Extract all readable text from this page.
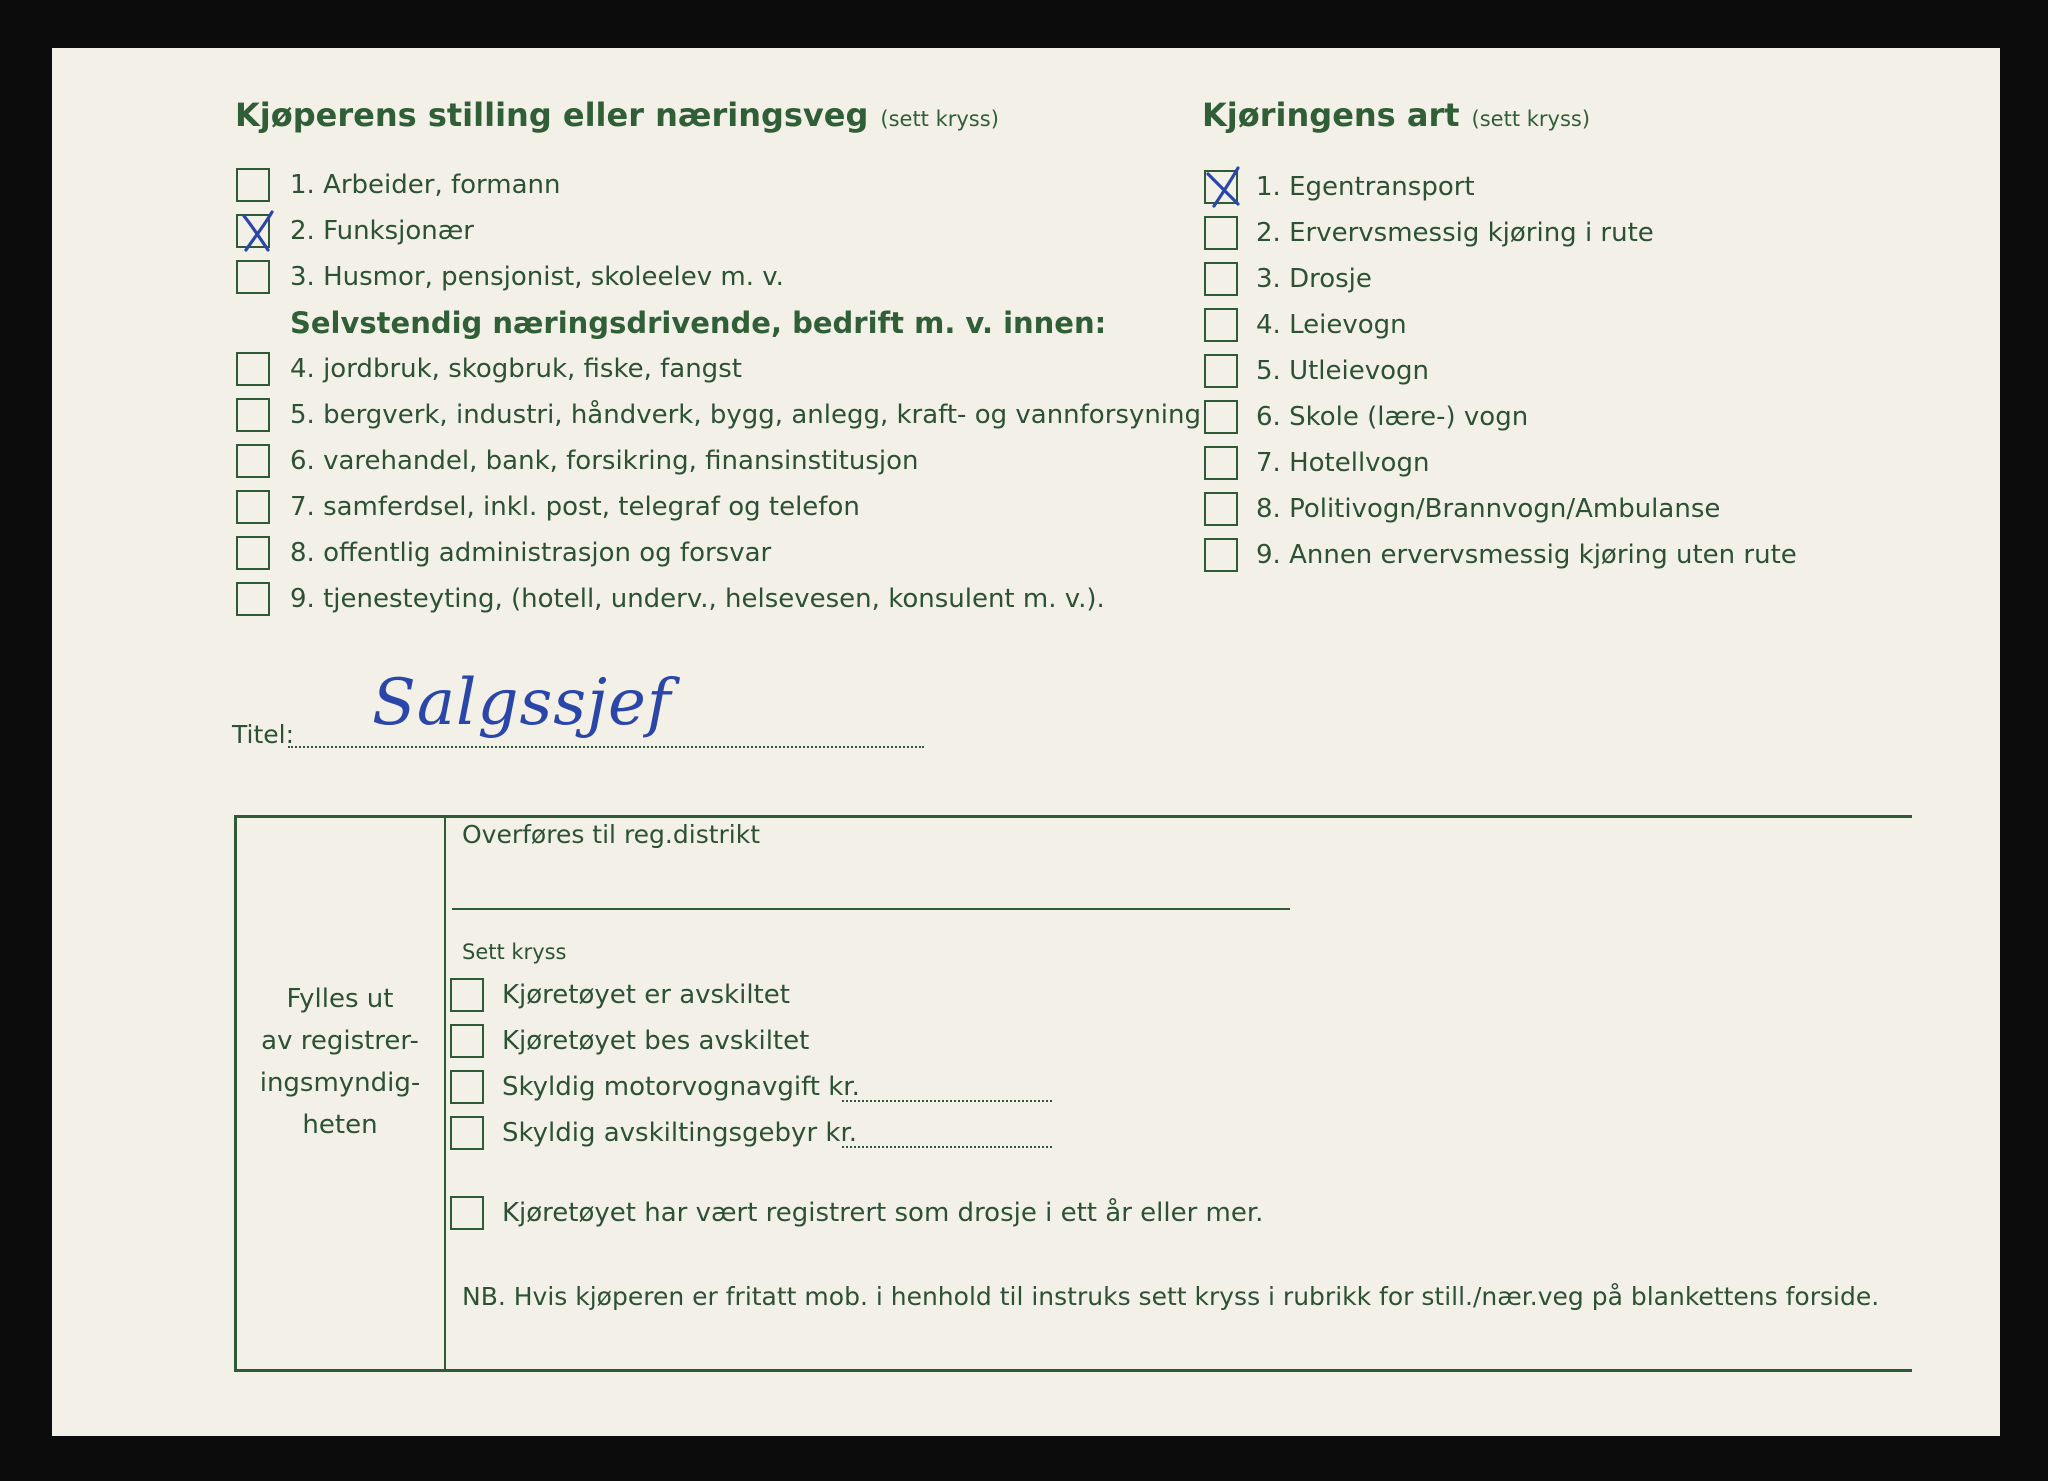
Kjøperens stilling eller næringsveg (sett kryss)
1. Arbeider, formann
2. Funksjonær
3. Husmor, pensjonist, skoleelev m. v.
Selvstendig næringsdrivende, bedrift m. v. innen:
4. jordbruk, skogbruk, fiske, fangst
5. bergverk, industri, håndverk, bygg, anlegg, kraft- og vannforsyning
6. varehandel, bank, forsikring, finansinstitusjon
7. samferdsel, inkl. post, telegraf og telefon
8. offentlig administrasjon og forsvar
9. tjenesteyting, (hotell, underv., helsevesen, konsulent m. v.).
Kjøringens art (sett kryss)
1. Egentransport
2. Ervervsmessig kjøring i rute
3. Drosje
4. Leievogn
5. Utleievogn
6. Skole (lære-) vogn
7. Hotellvogn
8. Politivogn/Brannvogn/Ambulanse
9. Annen ervervsmessig kjøring uten rute
Titel: Salgssjef
Fylles ut
av registrer-
ingsmyndig-
heten
Overføres til reg.distrikt
Sett kryss
Kjøretøyet er avskiltet
Kjøretøyet bes avskiltet
Skyldig motorvognavgift kr.
Skyldig avskiltingsgebyr kr.
Kjøretøyet har vært registrert som drosje i ett år eller mer.
NB. Hvis kjøperen er fritatt mob. i henhold til instruks sett kryss i rubrikk for still./nær.veg på blankettens forside.
